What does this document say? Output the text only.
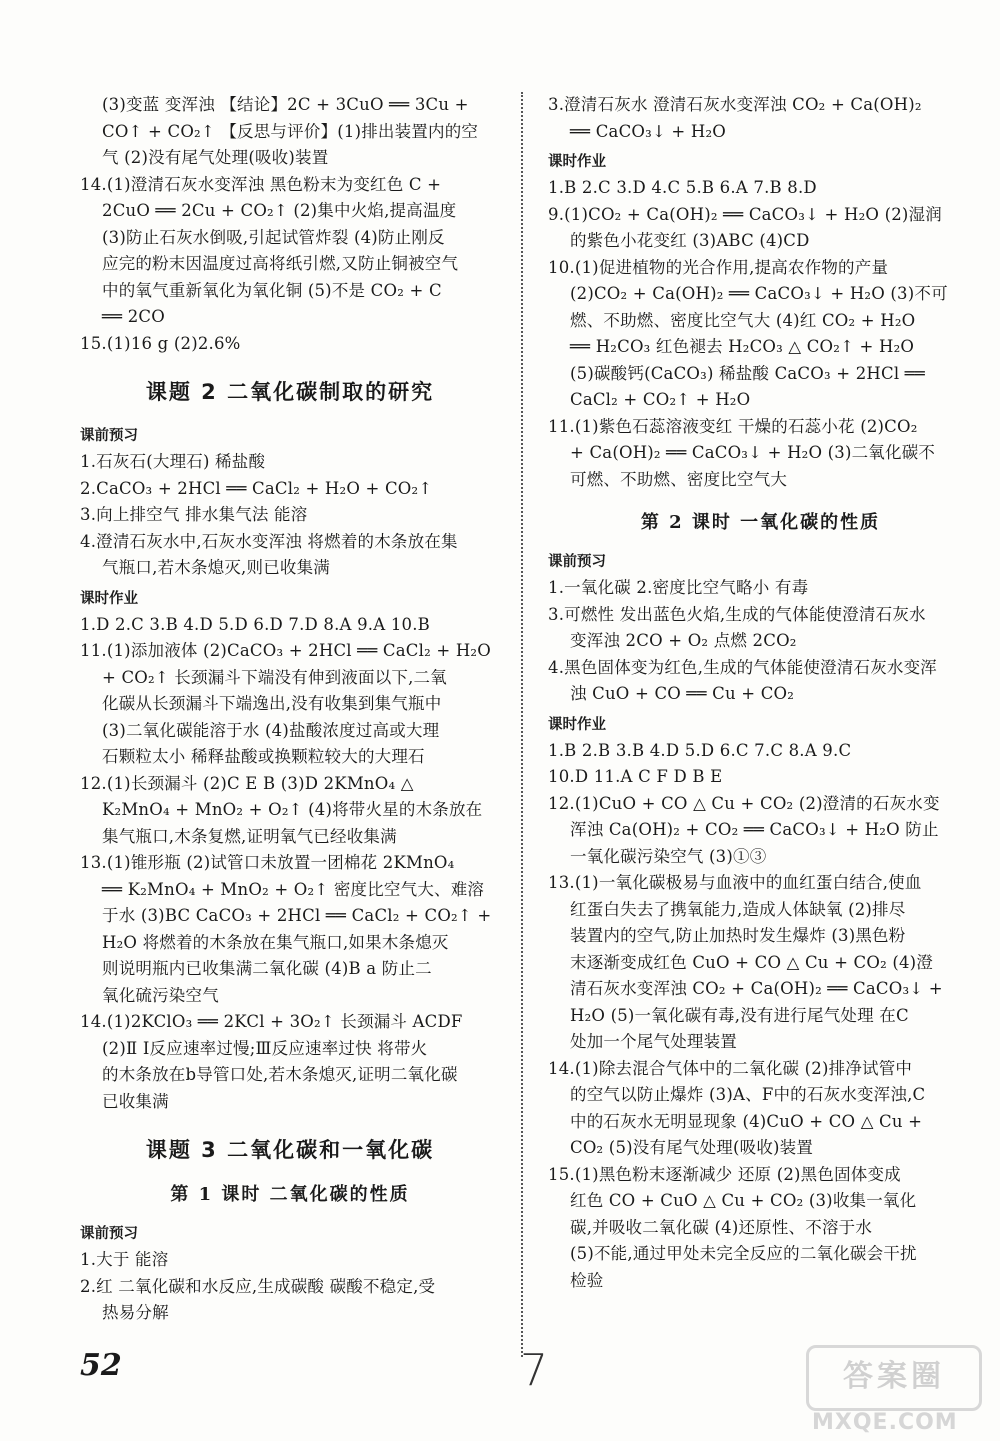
(3)变蓝 变浑浊 【结论】2C + 3CuO ══ 3Cu +
CO↑ + CO₂↑ 【反思与评价】(1)排出装置内的空
气 (2)没有尾气处理(吸收)装置
14.(1)澄清石灰水变浑浊 黑色粉末为变红色 C +
2CuO ══ 2Cu + CO₂↑ (2)集中火焰,提高温度
(3)防止石灰水倒吸,引起试管炸裂 (4)防止刚反
应完的粉末因温度过高将纸引燃,又防止铜被空气
中的氧气重新氧化为氧化铜 (5)不是 CO₂ + C
══ 2CO
15.(1)16 g (2)2.6%
课题 2 二氧化碳制取的研究
课前预习
1.石灰石(大理石) 稀盐酸
2.CaCO₃ + 2HCl ══ CaCl₂ + H₂O + CO₂↑
3.向上排空气 排水集气法 能溶
4.澄清石灰水中,石灰水变浑浊 将燃着的木条放在集
气瓶口,若木条熄灭,则已收集满
课时作业
1.D 2.C 3.B 4.D 5.D 6.D 7.D 8.A 9.A 10.B
11.(1)添加液体 (2)CaCO₃ + 2HCl ══ CaCl₂ + H₂O
+ CO₂↑ 长颈漏斗下端没有伸到液面以下,二氧
化碳从长颈漏斗下端逸出,没有收集到集气瓶中
(3)二氧化碳能溶于水 (4)盐酸浓度过高或大理
石颗粒太小 稀释盐酸或换颗粒较大的大理石
12.(1)长颈漏斗 (2)C E B (3)D 2KMnO₄ △
K₂MnO₄ + MnO₂ + O₂↑ (4)将带火星的木条放在
集气瓶口,木条复燃,证明氧气已经收集满
13.(1)锥形瓶 (2)试管口未放置一团棉花 2KMnO₄
══ K₂MnO₄ + MnO₂ + O₂↑ 密度比空气大、难溶
于水 (3)BC CaCO₃ + 2HCl ══ CaCl₂ + CO₂↑ +
H₂O 将燃着的木条放在集气瓶口,如果木条熄灭
则说明瓶内已收集满二氧化碳 (4)B a 防止二
氧化硫污染空气
14.(1)2KClO₃ ══ 2KCl + 3O₂↑ 长颈漏斗 ACDF
(2)Ⅱ Ⅰ反应速率过慢;Ⅲ反应速率过快 将带火
的木条放在b导管口处,若木条熄灭,证明二氧化碳
已收集满
课题 3 二氧化碳和一氧化碳
第 1 课时 二氧化碳的性质
课前预习
1.大于 能溶
2.红 二氧化碳和水反应,生成碳酸 碳酸不稳定,受
热易分解
3.澄清石灰水 澄清石灰水变浑浊 CO₂ + Ca(OH)₂
══ CaCO₃↓ + H₂O
课时作业
1.B 2.C 3.D 4.C 5.B 6.A 7.B 8.D
9.(1)CO₂ + Ca(OH)₂ ══ CaCO₃↓ + H₂O (2)湿润
的紫色小花变红 (3)ABC (4)CD
10.(1)促进植物的光合作用,提高农作物的产量
(2)CO₂ + Ca(OH)₂ ══ CaCO₃↓ + H₂O (3)不可
燃、不助燃、密度比空气大 (4)红 CO₂ + H₂O
══ H₂CO₃ 红色褪去 H₂CO₃ △ CO₂↑ + H₂O
(5)碳酸钙(CaCO₃) 稀盐酸 CaCO₃ + 2HCl ══
CaCl₂ + CO₂↑ + H₂O
11.(1)紫色石蕊溶液变红 干燥的石蕊小花 (2)CO₂
+ Ca(OH)₂ ══ CaCO₃↓ + H₂O (3)二氧化碳不
可燃、不助燃、密度比空气大
第 2 课时 一氧化碳的性质
课前预习
1.一氧化碳 2.密度比空气略小 有毒
3.可燃性 发出蓝色火焰,生成的气体能使澄清石灰水
变浑浊 2CO + O₂ 点燃 2CO₂
4.黑色固体变为红色,生成的气体能使澄清石灰水变浑
浊 CuO + CO ══ Cu + CO₂
课时作业
1.B 2.B 3.B 4.D 5.D 6.C 7.C 8.A 9.C
10.D 11.A C F D B E
12.(1)CuO + CO △ Cu + CO₂ (2)澄清的石灰水变
浑浊 Ca(OH)₂ + CO₂ ══ CaCO₃↓ + H₂O 防止
一氧化碳污染空气 (3)①③
13.(1)一氧化碳极易与血液中的血红蛋白结合,使血
红蛋白失去了携氧能力,造成人体缺氧 (2)排尽
装置内的空气,防止加热时发生爆炸 (3)黑色粉
末逐渐变成红色 CuO + CO △ Cu + CO₂ (4)澄
清石灰水变浑浊 CO₂ + Ca(OH)₂ ══ CaCO₃↓ +
H₂O (5)一氧化碳有毒,没有进行尾气处理 在C
处加一个尾气处理装置
14.(1)除去混合气体中的二氧化碳 (2)排净试管中
的空气以防止爆炸 (3)A、F中的石灰水变浑浊,C
中的石灰水无明显现象 (4)CuO + CO △ Cu +
CO₂ (5)没有尾气处理(吸收)装置
15.(1)黑色粉末逐渐减少 还原 (2)黑色固体变成
红色 CO + CuO △ Cu + CO₂ (3)收集一氧化
碳,并吸收二氧化碳 (4)还原性、不溶于水
(5)不能,通过甲处未完全反应的二氧化碳会干扰
检验
52	7	答案圈
MXQE.COM
